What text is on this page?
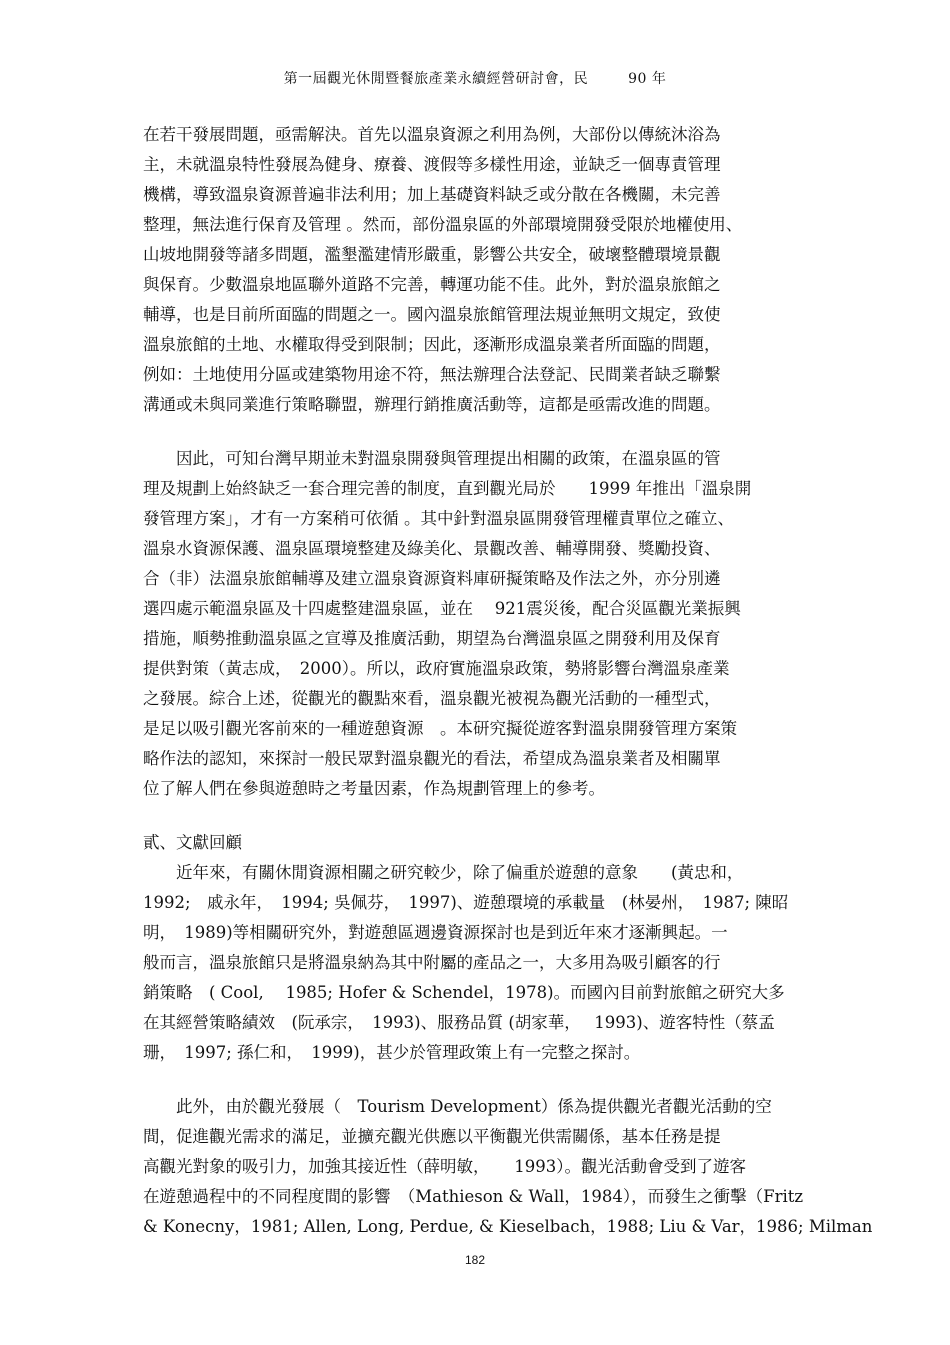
第一屆觀光休閒暨餐旅產業永續經營研討會，民	90 年
在若干發展問題，亟需解決。首先以溫泉資源之利用為例，大部份以傳統沐浴為
主，未就溫泉特性發展為健身、療養、渡假等多樣性用途，並缺乏一個專責管理
機構，導致溫泉資源普遍非法利用；加上基礎資料缺乏或分散在各機關，未完善
整理，無法進行保育及管理 。然而，部份溫泉區的外部環境開發受限於地權使用、
山坡地開發等諸多問題，濫墾濫建情形嚴重，影響公共安全，破壞整體環境景觀
與保育。少數溫泉地區聯外道路不完善，轉運功能不佳。此外，對於溫泉旅館之
輔導，也是目前所面臨的問題之一。國內溫泉旅館管理法規並無明文規定，致使
溫泉旅館的土地、水權取得受到限制；因此，逐漸形成溫泉業者所面臨的問題，
例如：土地使用分區或建築物用途不符，無法辦理合法登記、民間業者缺乏聯繫
溝通或未與同業進行策略聯盟，辦理行銷推廣活動等，這都是亟需改進的問題。
　　因此，可知台灣早期並未對溫泉開發與管理提出相關的政策，在溫泉區的管
理及規劃上始終缺乏一套合理完善的制度，直到觀光局於　　1999 年推出「溫泉開
發管理方案」，才有一方案稍可依循 。其中針對溫泉區開發管理權責單位之確立、
溫泉水資源保護、溫泉區環境整建及綠美化、景觀改善、輔導開發、獎勵投資、
合（非）法溫泉旅館輔導及建立溫泉資源資料庫研擬策略及作法之外，亦分別遴
選四處示範溫泉區及十四處整建溫泉區，並在　 921震災後，配合災區觀光業振興
措施，順勢推動溫泉區之宣導及推廣活動，期望為台灣溫泉區之開發利用及保育
提供對策（黃志成，　2000）。所以，政府實施溫泉政策，勢將影響台灣溫泉產業
之發展。綜合上述，從觀光的觀點來看，溫泉觀光被視為觀光活動的一種型式，
是足以吸引觀光客前來的一種遊憩資源　。本研究擬從遊客對溫泉開發管理方案策
略作法的認知，來探討一般民眾對溫泉觀光的看法，希望成為溫泉業者及相關單
位了解人們在參與遊憩時之考量因素，作為規劃管理上的參考。
貳、文獻回顧
　　近年來，有關休閒資源相關之研究較少，除了偏重於遊憩的意象　　(黃忠和，
1992;　戚永年，　1994; 吳佩芬，　1997)、遊憩環境的承載量　(林晏州，　1987; 陳昭
明，　1989)等相關研究外，對遊憩區週邊資源探討也是到近年來才逐漸興起。一
般而言，溫泉旅館只是將溫泉納為其中附屬的產品之一，大多用為吸引顧客的行
銷策略　( Cool,　 1985; Hofer & Schendel，1978)。而國內目前對旅館之研究大多
在其經營策略績效　(阮承宗，　1993)、服務品質 (胡家華，　 1993)、遊客特性（蔡孟
珊，　1997; 孫仁和，　1999)，甚少於管理政策上有一完整之探討。
　　此外，由於觀光發展（　Tourism Development）係為提供觀光者觀光活動的空
間，促進觀光需求的滿足，並擴充觀光供應以平衡觀光供需關係，基本任務是提
高觀光對象的吸引力，加強其接近性（薛明敏，　　1993）。觀光活動會受到了遊客
在遊憩過程中的不同程度間的影響　（Mathieson & Wall，1984），而發生之衝擊（Fritz
& Konecny，1981; Allen, Long, Perdue, & Kieselbach，1988; Liu & Var，1986; Milman
182
